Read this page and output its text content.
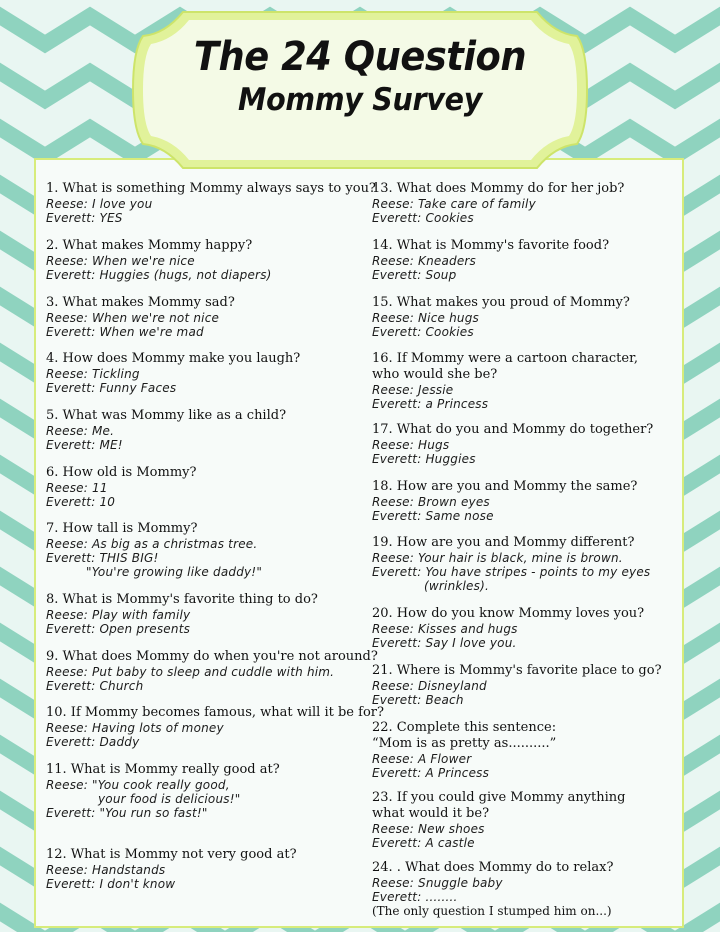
The 24 Question
Mommy Survey
1. What is something Mommy always says to you?
Reese: I love you
Everett: YES
2. What makes Mommy happy?
Reese: When we're nice
Everett: Huggies (hugs, not diapers)
3. What makes Mommy sad?
Reese: When we're not nice
Everett: When we're mad
4. How does Mommy make you laugh?
Reese: Tickling
Everett: Funny Faces
5. What was Mommy like as a child?
Reese: Me.
Everett: ME!
6. How old is Mommy?
Reese: 11
Everett: 10
7. How tall is Mommy?
Reese: As big as a christmas tree.
Everett: THIS BIG!
"You're growing like daddy!"
8. What is Mommy's favorite thing to do?
Reese: Play with family
Everett: Open presents
9. What does Mommy do when you're not around?
Reese: Put baby to sleep and cuddle with him.
Everett: Church
10. If Mommy becomes famous, what will it be for?
Reese: Having lots of money
Everett: Daddy
11. What is Mommy really good at?
Reese: "You cook really good,
your food is delicious!"
Everett: "You run so fast!"
12. What is Mommy not very good at?
Reese: Handstands
Everett: I don't know
13. What does Mommy do for her job?
Reese: Take care of family
Everett: Cookies
14. What is Mommy's favorite food?
Reese: Kneaders
Everett: Soup
15. What makes you proud of Mommy?
Reese: Nice hugs
Everett: Cookies
16. If Mommy were a cartoon character,
who would she be?
Reese: Jessie
Everett: a Princess
17. What do you and Mommy do together?
Reese: Hugs
Everett: Huggies
18. How are you and Mommy the same?
Reese: Brown eyes
Everett: Same nose
19. How are you and Mommy different?
Reese: Your hair is black, mine is brown.
Everett: You have stripes - points to my eyes
(wrinkles).
20. How do you know Mommy loves you?
Reese: Kisses and hugs
Everett: Say I love you.
21. Where is Mommy's favorite place to go?
Reese: Disneyland
Everett: Beach
22. Complete this sentence:
“Mom is as pretty as..........”
Reese: A Flower
Everett: A Princess
23. If you could give Mommy anything
what would it be?
Reese: New shoes
Everett: A castle
24. . What does Mommy do to relax?
Reese: Snuggle baby
Everett: ........
(The only question I stumped him on...)
